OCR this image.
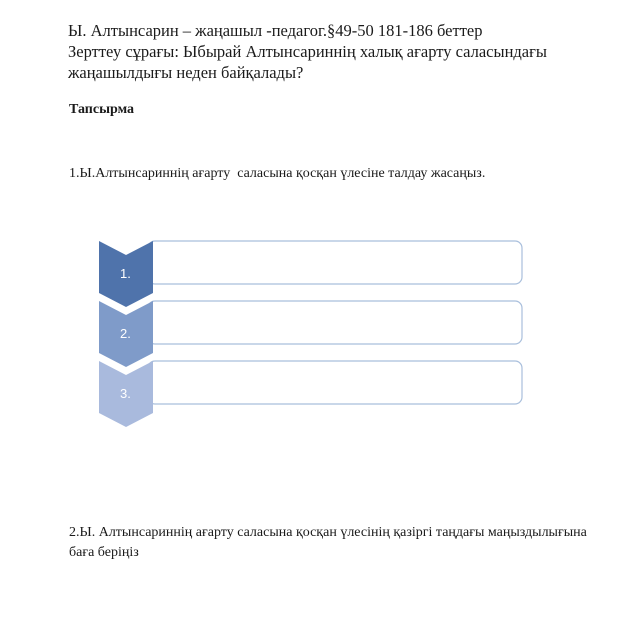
Ы. Алтынсарин – жаңашыл -педагог.§49-50 181-186 беттер
Зерттеу сұрағы: Ыбырай Алтынсариннің халық ағарту саласындағы
жаңашылдығы неден байқалады?
Тапсырма
1.Ы.Алтынсариннің ағарту  саласына қосқан үлесіне талдау жасаңыз.
1.
2.
3.
2.Ы. Алтынсариннің ағарту саласына қосқан үлесінің қазіргі таңдағы маңыздылығына
баға беріңіз
